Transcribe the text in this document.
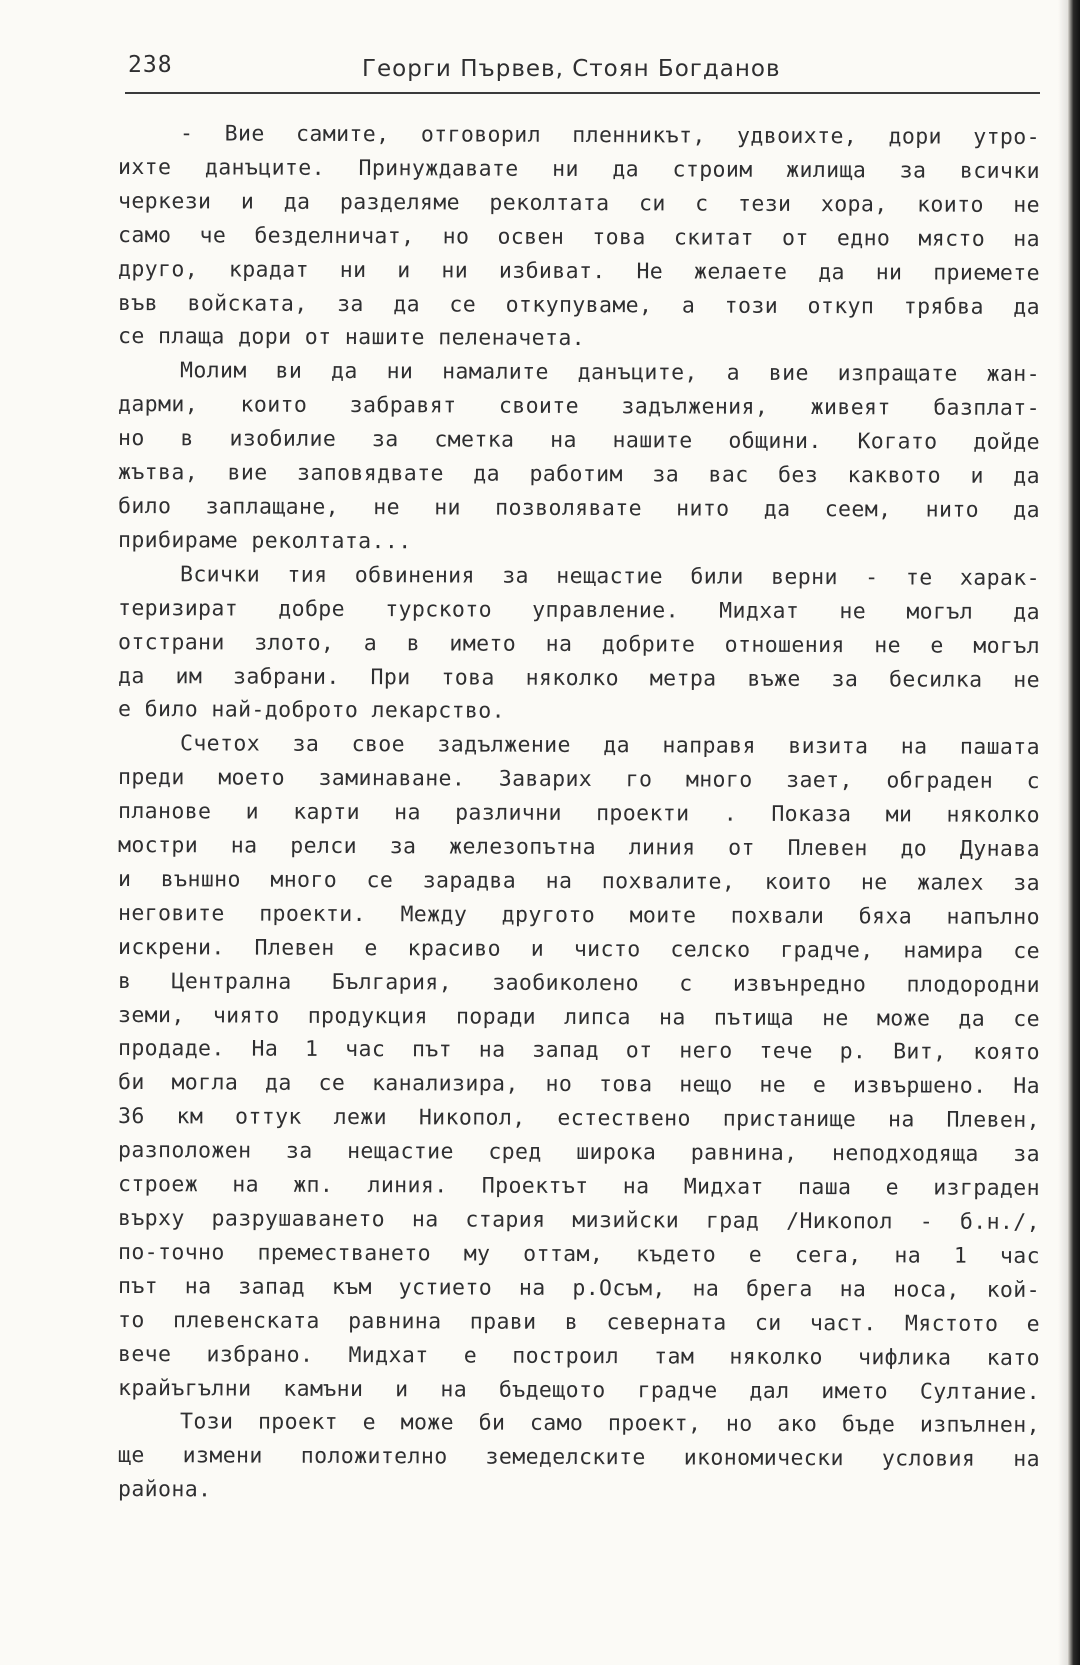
238	Георги Първев, Стоян Богданов
- Вие самите, отговорил пленникът, удвоихте, дори утро-
ихте данъците. Принуждавате ни да строим жилища за всички
черкези и да разделяме реколтата си с тези хора, които не
само че безделничат, но освен това скитат от едно място на
друго, крадат ни и ни избиват. Не желаете да ни приемете
във войската, за да се откупуваме, а този откуп трябва да
се плаща дори от нашите пеленачета.
Молим ви да ни намалите данъците, а вие изпращате жан-
дарми, които забравят своите задължения, живеят базплат-
но в изобилие за сметка на нашите общини. Когато дойде
жътва, вие заповядвате да работим за вас без каквото и да
било заплащане, не ни позволявате нито да сеем, нито да
прибираме реколтата...
Всички тия обвинения за нещастие били верни - те харак-
теризират добре турското управление. Мидхат не могъл да
отстрани злото, а в името на добрите отношения не е могъл
да им забрани. При това няколко метра въже за бесилка не
е било най-доброто лекарство.
Счетох за свое задължение да направя визита на пашата
преди моето заминаване. Заварих го много зает, обграден с
планове и карти на различни проекти . Показа ми няколко
мостри на релси за железопътна линия от Плевен до Дунава
и външно много се зарадва на похвалите, които не жалех за
неговите проекти. Между другото моите похвали бяха напълно
искрени. Плевен е красиво и чисто селско градче, намира се
в Централна България, заобиколено с извънредно плодородни
земи, чиято продукция поради липса на пътища не може да се
продаде. На 1 час път на запад от него тече р. Вит, която
би могла да се канализира, но това нещо не е извършено. На
36 км оттук лежи Никопол, естествено пристанище на Плевен,
разположен за нещастие сред широка равнина, неподходяща за
строеж на жп. линия. Проектът на Мидхат паша е изграден
върху разрушаването на стария мизийски град /Никопол - б.н./,
по-точно преместването му оттам, където е сега, на 1 час
път на запад към устието на р.Осъм, на брега на носа, кой-
то плевенската равнина прави в северната си част. Мястото е
вече избрано. Мидхат е построил там няколко чифлика като
крайъгълни камъни и на бъдещото градче дал името Султание.
Този проект е може би само проект, но ако бъде изпълнен,
ще измени положително земеделските икономически условия на
района.
